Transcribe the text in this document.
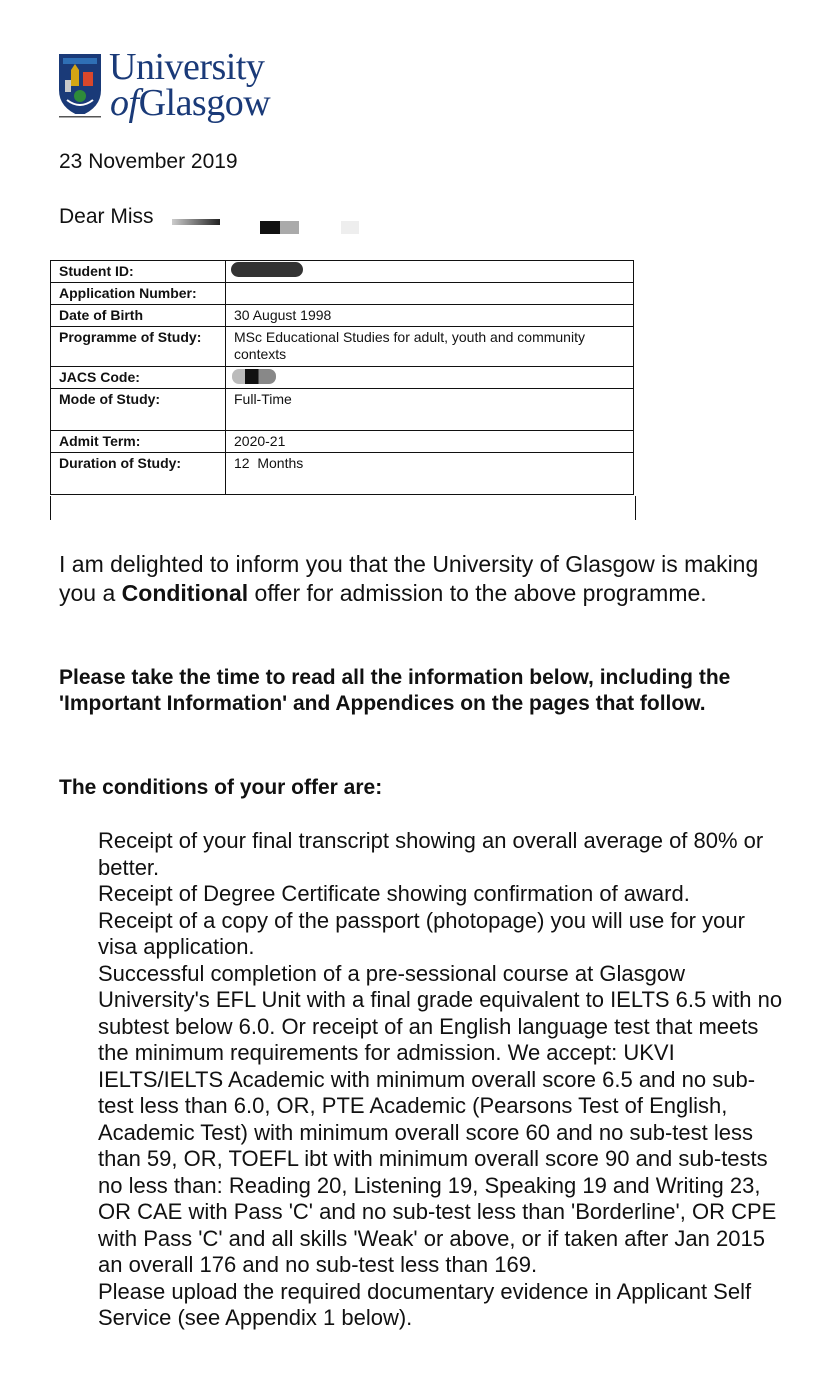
University
ofGlasgow
23 November 2019
Dear Miss
Student ID:	

Application Number:	
Date of Birth	30 August 1998
Programme of Study:	MSc Educational Studies for adult, youth and community contexts
JACS Code:	

Mode of Study:	Full-Time
Admit Term:	2020-21
Duration of Study:	12  Months
I am delighted to inform you that the University of Glasgow is making you a Conditional offer for admission to the above programme.
Please take the time to read all the information below, including the 'Important Information' and Appendices on the pages that follow.
The conditions of your offer are:
Receipt of your final transcript showing an overall average of 80% or better.
Receipt of Degree Certificate showing confirmation of award.
Receipt of a copy of the passport (photopage) you will use for your visa application.
Successful completion of a pre-sessional course at Glasgow University's EFL Unit with a final grade equivalent to IELTS 6.5 with no subtest below 6.0. Or receipt of an English language test that meets the minimum requirements for admission. We accept: UKVI IELTS/IELTS Academic with minimum overall score 6.5 and no sub-test less than 6.0, OR, PTE Academic (Pearsons Test of English, Academic Test) with minimum overall score 60 and no sub-test less than 59, OR, TOEFL ibt with minimum overall score 90 and sub-tests no less than: Reading 20, Listening 19, Speaking 19 and Writing 23, OR CAE with Pass 'C' and no sub-test less than 'Borderline', OR CPE with Pass 'C' and all skills 'Weak' or above, or if taken after Jan 2015 an overall 176 and no sub-test less than 169.
Please upload the required documentary evidence in Applicant Self Service (see Appendix 1 below).
